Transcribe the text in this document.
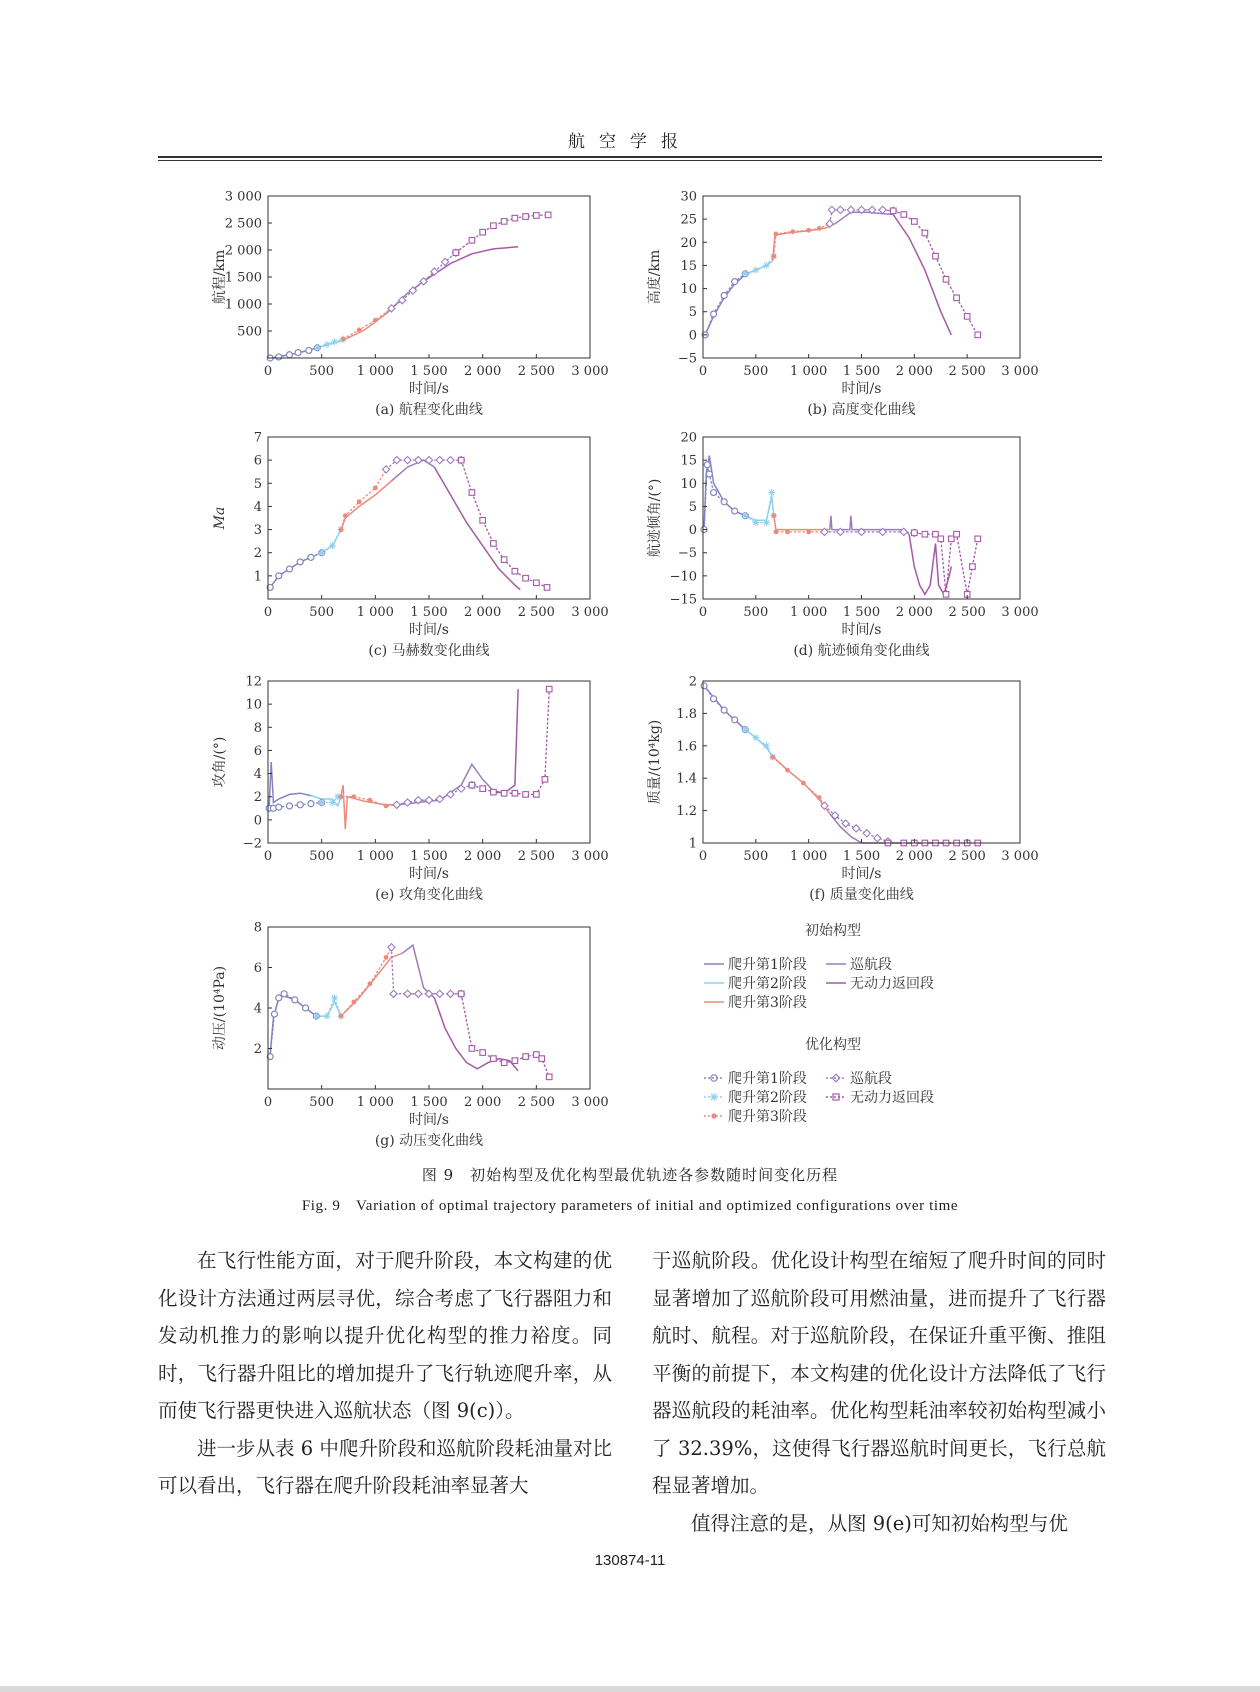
航空学报
0	500 1 000 1 500 2 000 2 500 3 000
500
1 000
1 500
2 000
2 500
3 000
时间/s
航程/km
(a) 航程变化曲线
0	500 1 000 1 500 2 000 2 500 3 000
−5
0
5
10
15
20
25
30
时间/s
高度/km
(b) 高度变化曲线
0	500 1 000 1 500 2 000 2 500 3 000
1
2
3
4
5
6
7
时间/s
Ma
(c) 马赫数变化曲线
0	500 1 000 1 500 2 000 2 500 3 000
−15
−10
−5
0
5
10
15
20
时间/s
航迹倾角/(°)
(d) 航迹倾角变化曲线
0	500 1 000 1 500 2 000 2 500 3 000
−2
0
2
4
6
8
10
12
时间/s
攻角/(°)
(e) 攻角变化曲线
0	500 1 000 1 500 2 000 2 500 3 000
1
1.2
1.4
1.6
1.8
2
时间/s
质量/(10⁴kg)
(f) 质量变化曲线
0	500 1 000 1 500 2 000 2 500 3 000
2
4
6
8
时间/s
动压/(10⁴Pa)
(g) 动压变化曲线
初始构型
爬升第1阶段
爬升第2阶段
爬升第3阶段
巡航段
无动力返回段
优化构型
爬升第1阶段
爬升第2阶段
爬升第3阶段
巡航段
无动力返回段
图 9　初始构型及优化构型最优轨迹各参数随时间变化历程
Fig. 9　Variation of optimal trajectory parameters of initial and optimized configurations over time

在飞行性能方面，对于爬升阶段，本文构建的优化设计方法通过两层寻优，综合考虑了飞行器阻力和发动机推力的影响以提升优化构型的推力裕度。同时，飞行器升阻比的增加提升了飞行轨迹爬升率，从而使飞行器更快进入巡航状态（图 9(c)）。

进一步从表 6 中爬升阶段和巡航阶段耗油量对比可以看出，飞行器在爬升阶段耗油率显著大

于巡航阶段。优化设计构型在缩短了爬升时间的同时显著增加了巡航阶段可用燃油量，进而提升了飞行器航时、航程。对于巡航阶段，在保证升重平衡、推阻平衡的前提下，本文构建的优化设计方法降低了飞行器巡航段的耗油率。优化构型耗油率较初始构型减小了 32.39%，这使得飞行器巡航时间更长，飞行总航程显著增加。

值得注意的是，从图 9(e)可知初始构型与优

130874-11
